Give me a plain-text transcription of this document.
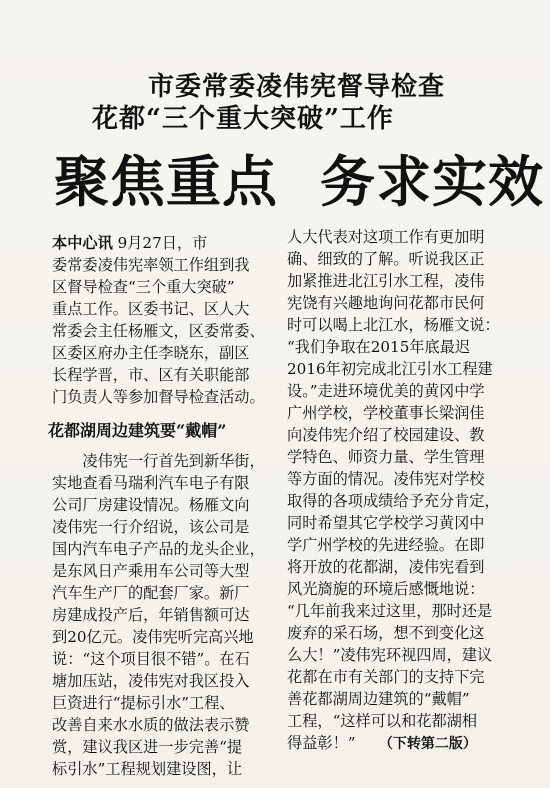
市委常委凌伟宪督导检查
花都“三个重大突破”工作
聚焦重点 务求实效
本中心讯 9月27日，市
委常委凌伟宪率领工作组到我
区督导检查“三个重大突破”
重点工作。区委书记、区人大
常委会主任杨雁文，区委常委、
区委区府办主任李晓东，副区
长程学晋，市、区有关职能部
门负责人等参加督导检查活动。
花都湖周边建筑要“戴帽”
　　凌伟宪一行首先到新华街，
实地查看马瑞利汽车电子有限
公司厂房建设情况。杨雁文向
凌伟宪一行介绍说，该公司是
国内汽车电子产品的龙头企业，
是东风日产乘用车公司等大型
汽车生产厂的配套厂家。新厂
房建成投产后，年销售额可达
到20亿元。凌伟宪听完高兴地
说：“这个项目很不错”。在石
塘加压站，凌伟宪对我区投入
巨资进行“提标引水”工程、
改善自来水水质的做法表示赞
赏，建议我区进一步完善“提
标引水”工程规划建设图，让
人大代表对这项工作有更加明
确、细致的了解。听说我区正
加紧推进北江引水工程，凌伟
宪饶有兴趣地询问花都市民何
时可以喝上北江水，杨雁文说：
“我们争取在2015年底最迟
2016年初完成北江引水工程建
设。”走进环境优美的黄冈中学
广州学校，学校董事长梁润佳
向凌伟宪介绍了校园建设、教
学特色、师资力量、学生管理
等方面的情况。凌伟宪对学校
取得的各项成绩给予充分肯定，
同时希望其它学校学习黄冈中
学广州学校的先进经验。在即
将开放的花都湖，凌伟宪看到
风光旖旎的环境后感慨地说：
“几年前我来过这里，那时还是
废弃的采石场，想不到变化这
么大！”凌伟宪环视四周，建议
花都在市有关部门的支持下完
善花都湖周边建筑的“戴帽”
工程，“这样可以和花都湖相
得益彰！”　　 （下转第二版）
